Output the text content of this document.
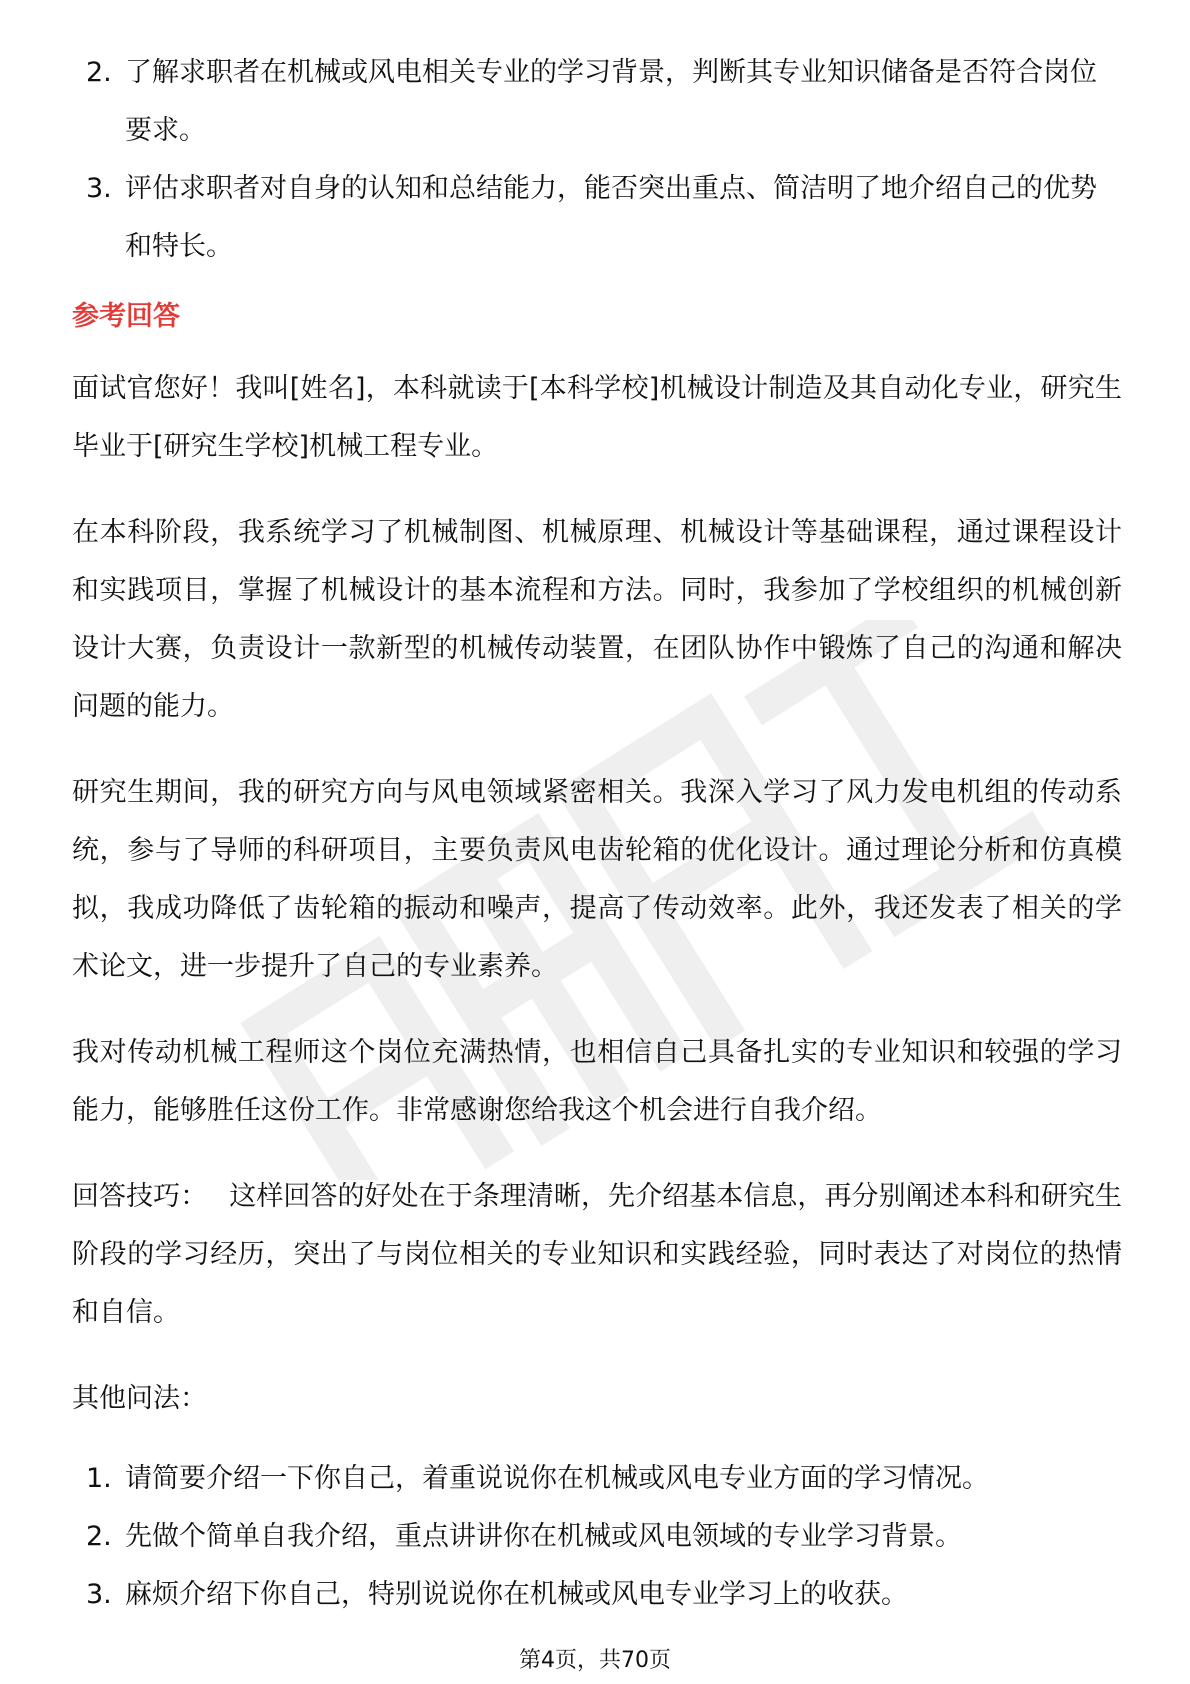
2. 了解求职者在机械或风电相关专业的学习背景，判断其专业知识储备是否符合岗位要求。
3. 评估求职者对自身的认知和总结能力，能否突出重点、简洁明了地介绍自己的优势和特长。
参考回答

面试官您好！我叫[姓名]，本科就读于[本科学校]机械设计制造及其自动化专业，研究生毕业于[研究生学校]机械工程专业。

在本科阶段，我系统学习了机械制图、机械原理、机械设计等基础课程，通过课程设计和实践项目，掌握了机械设计的基本流程和方法。同时，我参加了学校组织的机械创新设计大赛，负责设计一款新型的机械传动装置，在团队协作中锻炼了自己的沟通和解决问题的能力。

研究生期间，我的研究方向与风电领域紧密相关。我深入学习了风力发电机组的传动系统，参与了导师的科研项目，主要负责风电齿轮箱的优化设计。通过理论分析和仿真模拟，我成功降低了齿轮箱的振动和噪声，提高了传动效率。此外，我还发表了相关的学术论文，进一步提升了自己的专业素养。

我对传动机械工程师这个岗位充满热情，也相信自己具备扎实的专业知识和较强的学习能力，能够胜任这份工作。非常感谢您给我这个机会进行自我介绍。

回答技巧： 这样回答的好处在于条理清晰，先介绍基本信息，再分别阐述本科和研究生阶段的学习经历，突出了与岗位相关的专业知识和实践经验，同时表达了对岗位的热情和自信。

其他问法：
1. 请简要介绍一下你自己，着重说说你在机械或风电专业方面的学习情况。
2. 先做个简单自我介绍，重点讲讲你在机械或风电领域的专业学习背景。
3. 麻烦介绍下你自己，特别说说你在机械或风电专业学习上的收获。
第4页，共70页
